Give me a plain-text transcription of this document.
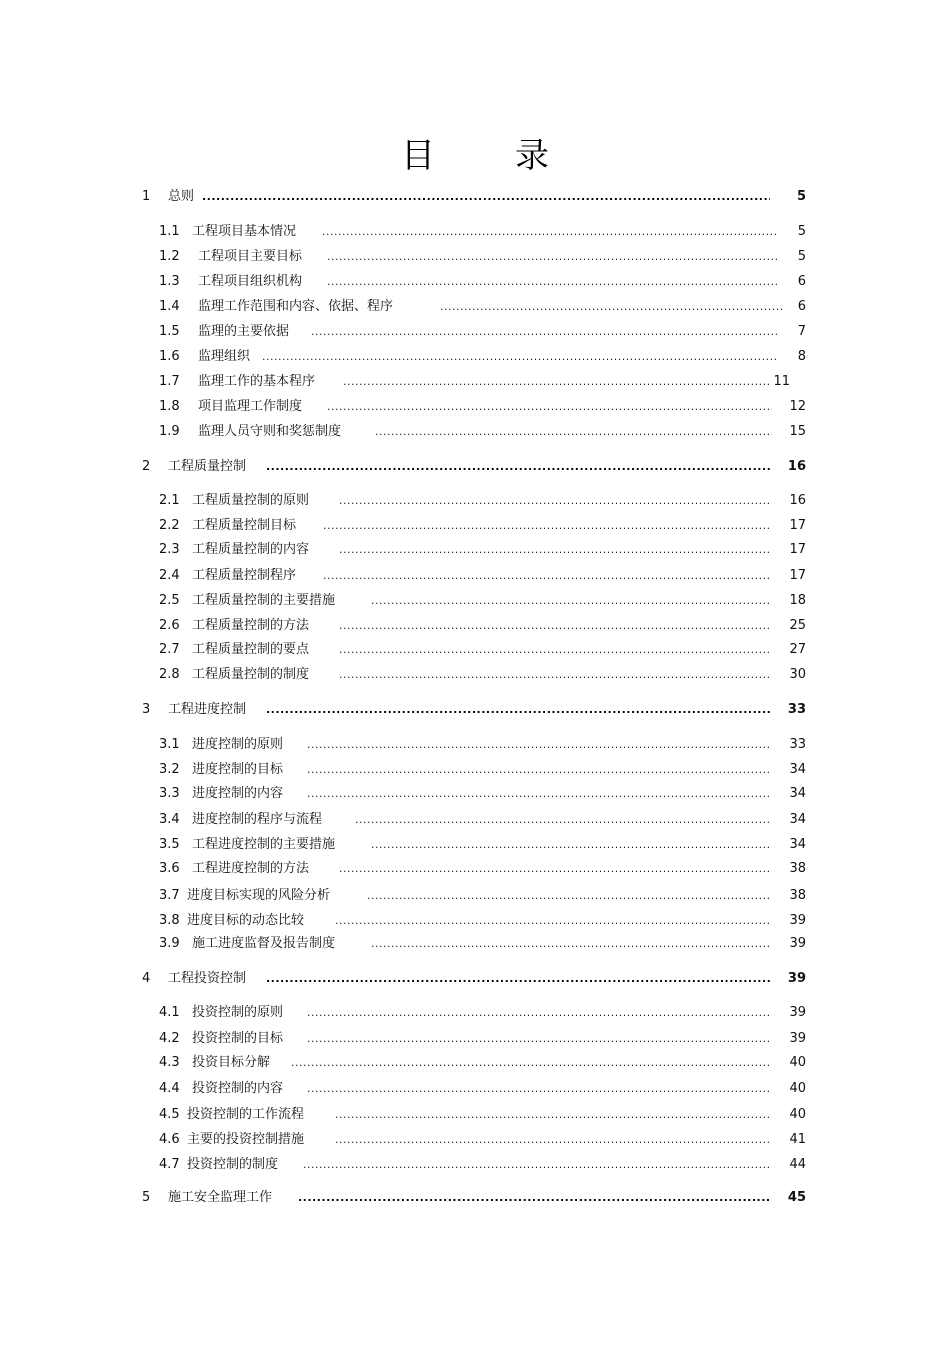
目 录
1 总则 .....	5
1.1 工程项目基本情况 .....	5
1.2 工程项目主要目标 .....	5
1.3 工程项目组织机构 .....	6
1.4 监理工作范围和内容、依据、程序 .....	6
1.5 监理的主要依据 .....	7
1.6 监理组织 .....	8
1.7 监理工作的基本程序 .....	11
1.8 项目监理工作制度 .....	12
1.9 监理人员守则和奖惩制度 .....	15
2 工程质量控制 .....	16
2.1 工程质量控制的原则 .....	16
2.2 工程质量控制目标 .....	17
2.3 工程质量控制的内容 .....	17
2.4 工程质量控制程序 .....	17
2.5 工程质量控制的主要措施 .....	18
2.6 工程质量控制的方法 .....	25
2.7 工程质量控制的要点 .....	27
2.8 工程质量控制的制度 .....	30
3 工程进度控制 .....	33
3.1 进度控制的原则 .....	33
3.2 进度控制的目标 .....	34
3.3 进度控制的内容 .....	34
3.4 进度控制的程序与流程 .....	34
3.5 工程进度控制的主要措施 .....	34
3.6 工程进度控制的方法 .....	38
3.7 进度目标实现的风险分析 .....	38
3.8 进度目标的动态比较 .....	39
3.9 施工进度监督及报告制度 .....	39
4 工程投资控制 .....	39
4.1 投资控制的原则 .....	39
4.2 投资控制的目标 .....	39
4.3 投资目标分解 .....	40
4.4 投资控制的内容 .....	40
4.5 投资控制的工作流程 .....	40
4.6 主要的投资控制措施 .....	41
4.7 投资控制的制度 .....	44
5 施工安全监理工作 .....	45
